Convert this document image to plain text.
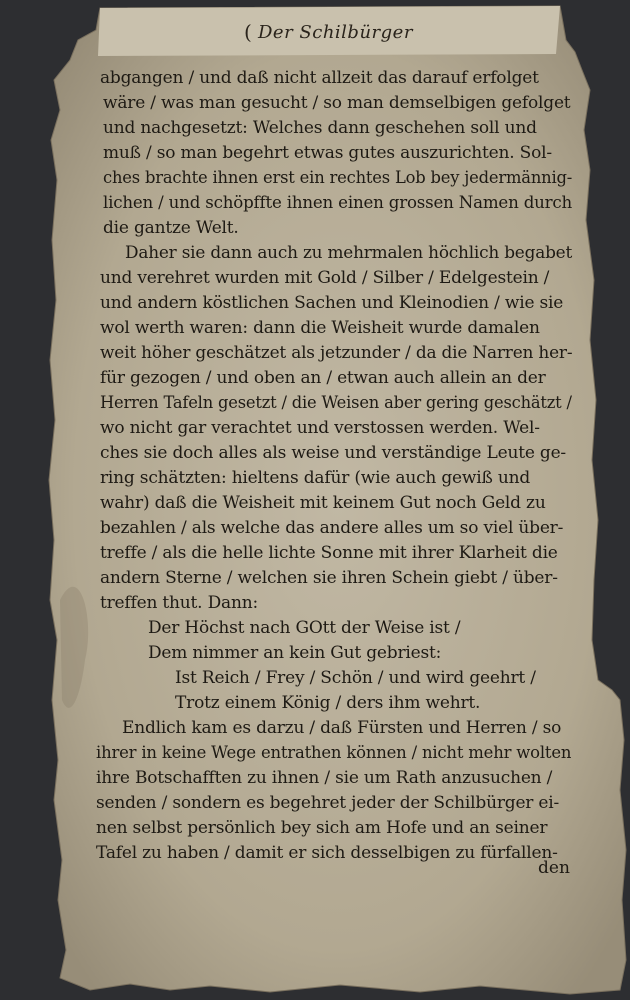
( Der Schilbürger
abgangen / und daß nicht allzeit das darauf erfolget
wäre / was man gesucht / so man demselbigen gefolget
und nachgesetzt: Welches dann geschehen soll und
muß / so man begehrt etwas gutes auszurichten. Sol-
ches brachte ihnen erst ein rechtes Lob bey jedermännig-
lichen / und schöpffte ihnen einen grossen Namen durch
die gantze Welt.
Daher sie dann auch zu mehrmalen höchlich begabet
und verehret wurden mit Gold / Silber / Edelgestein /
und andern köstlichen Sachen und Kleinodien / wie sie
wol werth waren: dann die Weisheit wurde damalen
weit höher geschätzet als jetzunder / da die Narren her-
für gezogen / und oben an / etwan auch allein an der
Herren Tafeln gesetzt / die Weisen aber gering geschätzt /
wo nicht gar verachtet und verstossen werden. Wel-
ches sie doch alles als weise und verständige Leute ge-
ring schätzten: hieltens dafür (wie auch gewiß und
wahr) daß die Weisheit mit keinem Gut noch Geld zu
bezahlen / als welche das andere alles um so viel über-
treffe / als die helle lichte Sonne mit ihrer Klarheit die
andern Sterne / welchen sie ihren Schein giebt / über-
treffen thut. Dann:
Der Höchst nach GOtt der Weise ist /
Dem nimmer an kein Gut gebriest:
Ist Reich / Frey / Schön / und wird geehrt /
Trotz einem König / ders ihm wehrt.
Endlich kam es darzu / daß Fürsten und Herren / so
ihrer in keine Wege entrathen können / nicht mehr wolten
ihre Botschafften zu ihnen / sie um Rath anzusuchen /
senden / sondern es begehret jeder der Schilbürger ei-
nen selbst persönlich bey sich am Hofe und an seiner
Tafel zu haben / damit er sich desselbigen zu fürfallen-
den
